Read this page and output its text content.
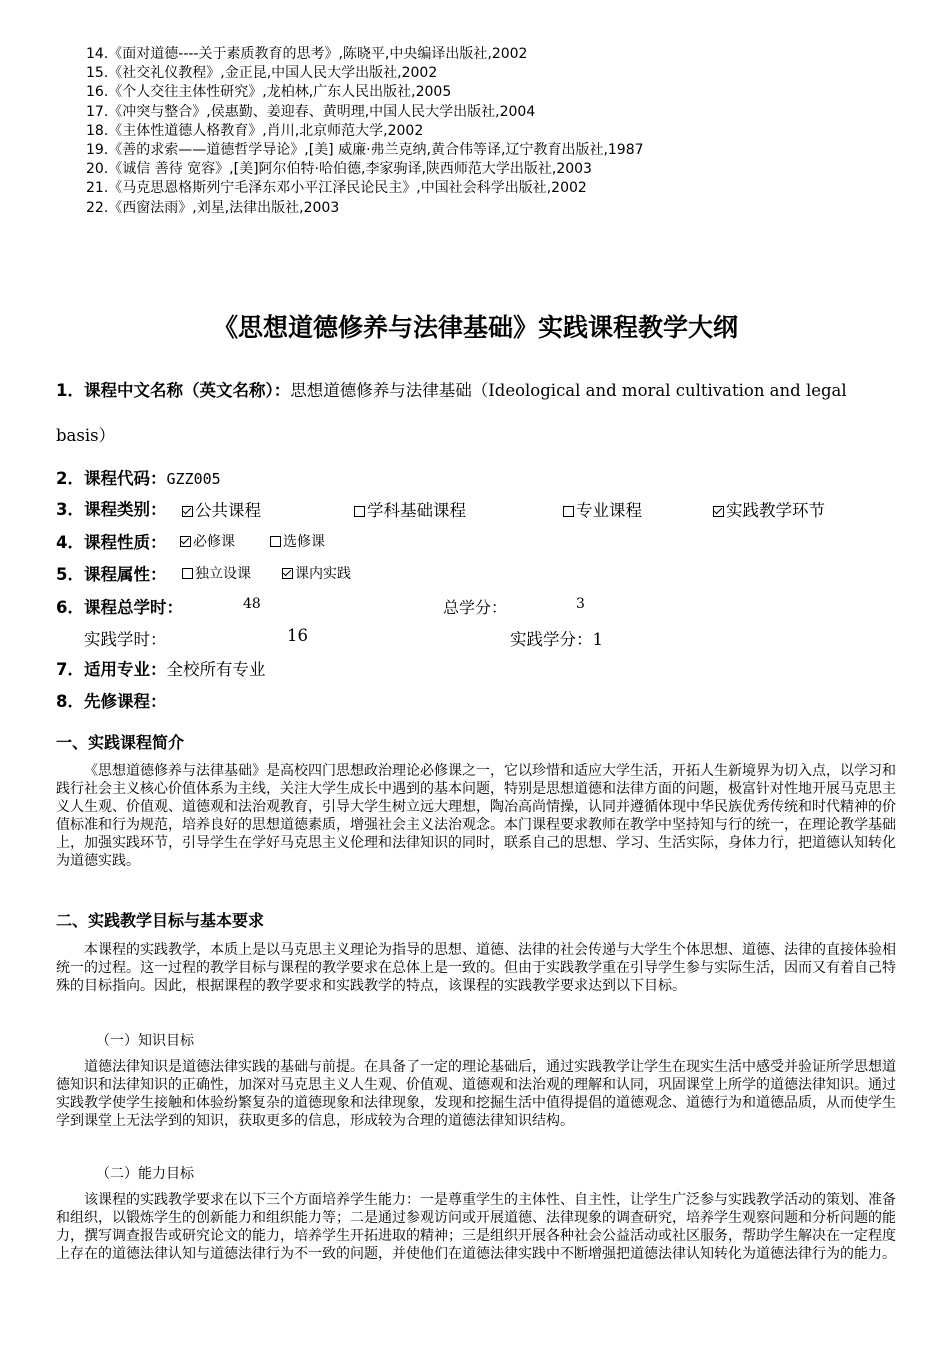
14.《面对道德----关于素质教育的思考》,陈晓平,中央编译出版社,2002
15.《社交礼仪教程》,金正昆,中国人民大学出版社,2002
16.《个人交往主体性研究》,龙柏林,广东人民出版社,2005
17.《冲突与整合》,侯惠勤、姜迎春、黄明理,中国人民大学出版社,2004
18.《主体性道德人格教育》,肖川,北京师范大学,2002
19.《善的求索——道德哲学导论》,[美] 威廉·弗兰克纳,黄合伟等译,辽宁教育出版社,1987
20.《诚信 善待 宽容》,[美]阿尔伯特·哈伯德,李家驹译,陕西师范大学出版社,2003
21.《马克思恩格斯列宁毛泽东邓小平江泽民论民主》,中国社会科学出版社,2002
22.《西窗法雨》,刘星,法律出版社,2003
《思想道德修养与法律基础》实践课程教学大纲
1．课程中文名称（英文名称）：思想道德修养与法律基础（Ideological and moral cultivation and legal
basis）
2．课程代码：GZZ005
3．课程类别：	公共课程	学科基础课程	专业课程	实践教学环节
4．课程性质：	必修课	选修课
5．课程属性：	独立设课	课内实践
6．课程总学时：	48	总学分：	3
实践学时：	16	实践学分：1
7．适用专业：全校所有专业
8．先修课程：
一、实践课程简介
《思想道德修养与法律基础》是高校四门思想政治理论必修课之一，它以珍惜和适应大学生活，开拓人生新境界为切入点，以学习和践行社会主义核心价值体系为主线，关注大学生成长中遇到的基本问题，特别是思想道德和法律方面的问题，极富针对性地开展马克思主义人生观、价值观、道德观和法治观教育，引导大学生树立远大理想，陶冶高尚情操，认同并遵循体现中华民族优秀传统和时代精神的价值标准和行为规范，培养良好的思想道德素质，增强社会主义法治观念。本门课程要求教师在教学中坚持知与行的统一，在理论教学基础上，加强实践环节，引导学生在学好马克思主义伦理和法律知识的同时，联系自己的思想、学习、生活实际，身体力行，把道德认知转化为道德实践。
二、实践教学目标与基本要求
本课程的实践教学，本质上是以马克思主义理论为指导的思想、道德、法律的社会传递与大学生个体思想、道德、法律的直接体验相统一的过程。这一过程的教学目标与课程的教学要求在总体上是一致的。但由于实践教学重在引导学生参与实际生活，因而又有着自己特殊的目标指向。因此，根据课程的教学要求和实践教学的特点，该课程的实践教学要求达到以下目标。
（一）知识目标
道德法律知识是道德法律实践的基础与前提。在具备了一定的理论基础后，通过实践教学让学生在现实生活中感受并验证所学思想道德知识和法律知识的正确性，加深对马克思主义人生观、价值观、道德观和法治观的理解和认同，巩固课堂上所学的道德法律知识。通过实践教学使学生接触和体验纷繁复杂的道德现象和法律现象，发现和挖掘生活中值得提倡的道德观念、道德行为和道德品质，从而使学生学到课堂上无法学到的知识，获取更多的信息，形成较为合理的道德法律知识结构。
（二）能力目标
该课程的实践教学要求在以下三个方面培养学生能力：一是尊重学生的主体性、自主性，让学生广泛参与实践教学活动的策划、准备和组织，以锻炼学生的创新能力和组织能力等；二是通过参观访问或开展道德、法律现象的调查研究，培养学生观察问题和分析问题的能力，撰写调查报告或研究论文的能力，培养学生开拓进取的精神；三是组织开展各种社会公益活动或社区服务，帮助学生解决在一定程度上存在的道德法律认知与道德法律行为不一致的问题，并使他们在道德法律实践中不断增强把道德法律认知转化为道德法律行为的能力。
